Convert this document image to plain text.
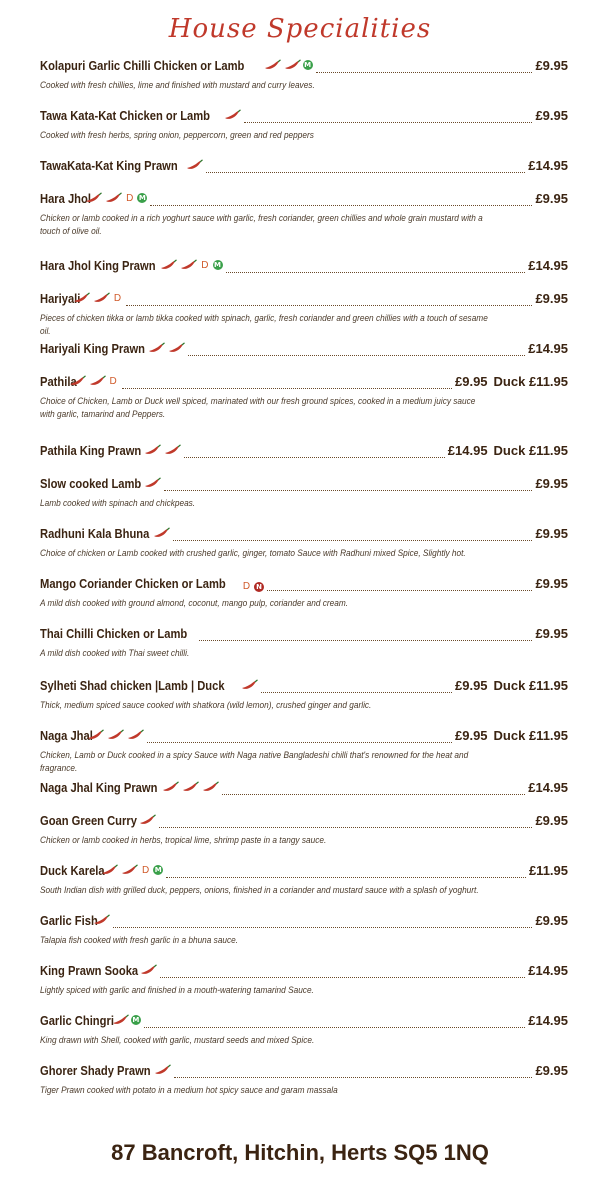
House Specialities
Kolapuri Garlic Chilli Chicken or Lamb	M	£9.95
Cooked with fresh chillies, lime and finished with mustard and curry leaves.
Tawa Kata-Kat Chicken or Lamb	£9.95
Cooked with fresh herbs, spring onion, peppercorn, green and red peppers
TawaKata-Kat King Prawn	£14.95
Hara Jhol	D M	£9.95
Chicken or lamb cooked in a rich yoghurt sauce with garlic, fresh coriander, green chillies and whole grain mustard with a touch of olive oil.
Hara Jhol King Prawn	D M	£14.95
Hariyali	D	£9.95
Pieces of chicken tikka or lamb tikka cooked with spinach, garlic, fresh coriander and green chillies with a touch of sesame oil.
Hariyali King Prawn	£14.95
Pathila	D	£9.95 Duck £11.95
Choice of Chicken, Lamb or Duck well spiced, marinated with our fresh ground spices, cooked in a medium juicy sauce with garlic, tamarind and Peppers.
Pathila King Prawn	£14.95 Duck £11.95
Slow cooked Lamb	£9.95
Lamb cooked with spinach and chickpeas.
Radhuni Kala Bhuna	£9.95
Choice of chicken or Lamb cooked with crushed garlic, ginger, tomato Sauce with Radhuni mixed Spice, Slightly hot.
Mango Coriander Chicken or Lamb D N	£9.95
A mild dish cooked with ground almond, coconut, mango pulp, coriander and cream.
Thai Chilli Chicken or Lamb	£9.95
A mild dish cooked with Thai sweet chilli.
Sylheti Shad chicken |Lamb | Duck	£9.95 Duck £11.95
Thick, medium spiced sauce cooked with shatkora (wild lemon), crushed ginger and garlic.
Naga Jhal	£9.95 Duck £11.95
Chicken, Lamb or Duck cooked in a spicy Sauce with Naga native Bangladeshi chilli that's renowned for the heat and fragrance.
Naga Jhal King Prawn	£14.95
Goan Green Curry	£9.95
Chicken or lamb cooked in herbs, tropical lime, shrimp paste in a tangy sauce.
Duck Karela	D M	£11.95
South Indian dish with grilled duck, peppers, onions, finished in a coriander and mustard sauce with a splash of yoghurt.
Garlic Fish	£9.95
Talapia fish cooked with fresh garlic in a bhuna sauce.
King Prawn Sooka	£14.95
Lightly spiced with garlic and finished in a mouth-watering tamarind Sauce.
Garlic Chingri	M	£14.95
King drawn with Shell, cooked with garlic, mustard seeds and mixed Spice.
Ghorer Shady Prawn	£9.95
Tiger Prawn cooked with potato in a medium hot spicy sauce and garam massala
87 Bancroft, Hitchin, Herts SQ5 1NQ
